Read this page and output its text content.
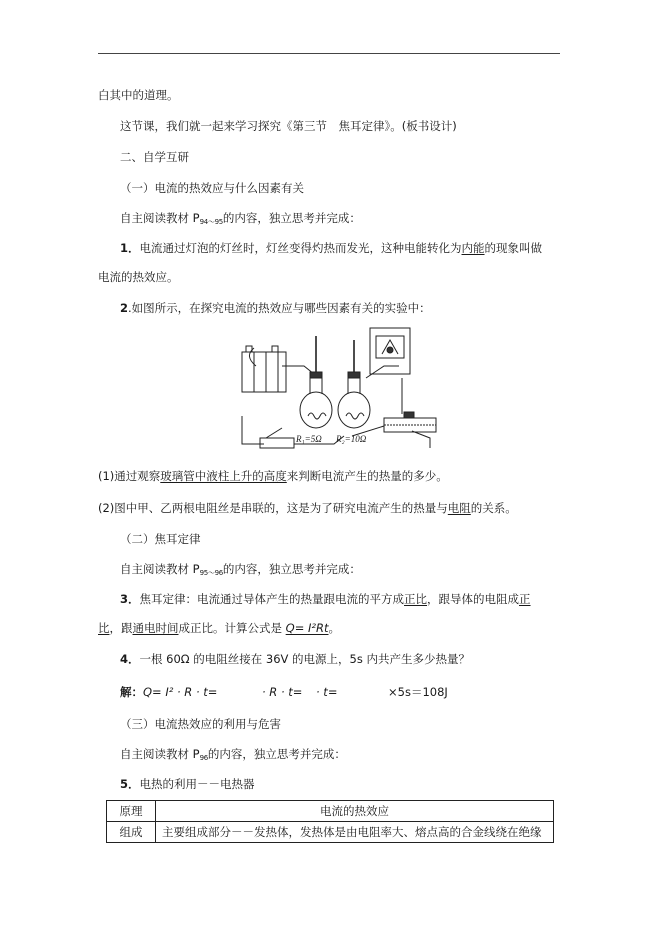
白其中的道理。
这节课，我们就一起来学习探究《第三节　焦耳定律》。(板书设计)
二、自学互研
（一）电流的热效应与什么因素有关
自主阅读教材 $P_{94\sim 95}$的内容，独立思考并完成：
1．电流通过灯泡的灯丝时，灯丝变得灼热而发光，这种电能转化为内能的现象叫做
电流的热效应。
2.如图所示，在探究电流的热效应与哪些因素有关的实验中：
R₁=5Ω R₂=10Ω
(1)通过观察玻璃管中液柱上升的高度来判断电流产生的热量的多少。
(2)图中甲、乙两根电阻丝是串联的，这是为了研究电流产生的热量与电阻的关系。
（二）焦耳定律
自主阅读教材 $P_{95\sim 96}$的内容，独立思考并完成：
3．焦耳定律：电流通过导体产生的热量跟电流的平方成正比，跟导体的电阻成正
比，跟通电时间成正比。计算公式是 Q= I²Rt。
4．一根 60Ω 的电阻丝接在 36V 的电源上，5s 内共产生多少热量？
解：Q= I² · R · t=	· R · t= · t=	×5s＝108J
（三）电流热效应的利用与危害
自主阅读教材 $P_{96}$的内容，独立思考并完成：
5．电热的利用－－电热器
原理	电流的热效应
组成	主要组成部分－－发热体，发热体是由电阻率大、熔点高的合金线绕在绝缘
